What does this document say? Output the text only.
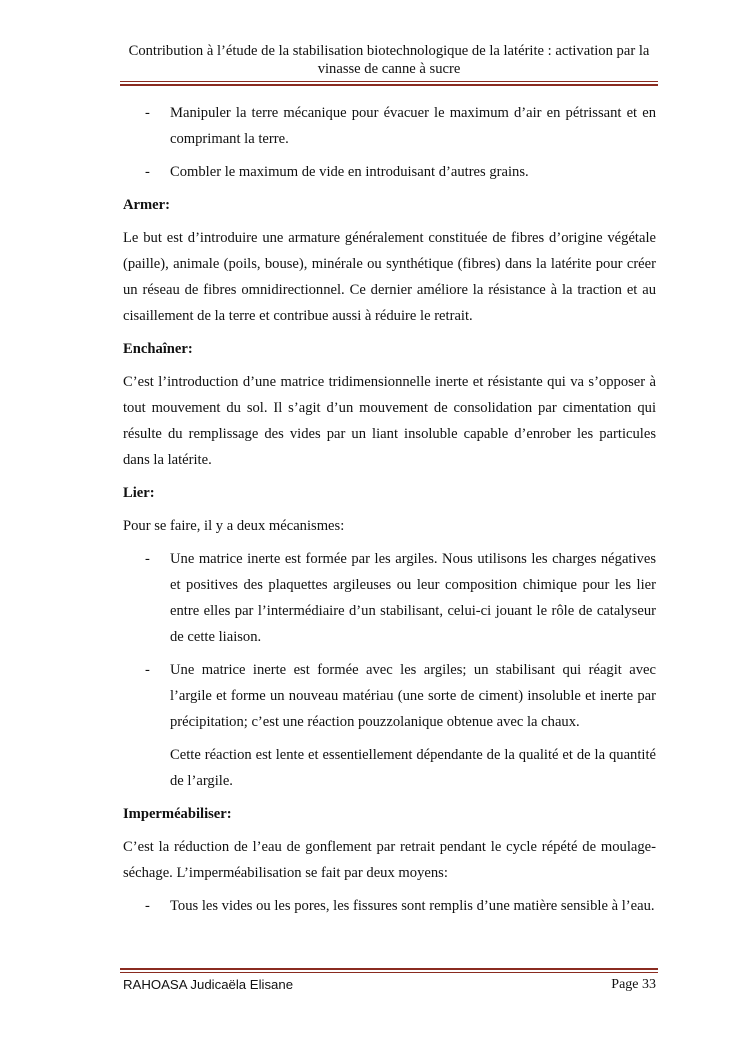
Contribution à l’étude de la stabilisation biotechnologique de la latérite : activation par la vinasse de canne à sucre
- Manipuler la terre mécanique pour évacuer le maximum d’air en pétrissant et en comprimant la terre.
- Combler le maximum de vide en introduisant d’autres grains.
Armer:
Le but est d’introduire une armature généralement constituée de fibres d’origine végétale (paille), animale (poils, bouse), minérale ou synthétique (fibres) dans la latérite pour créer un réseau de fibres omnidirectionnel. Ce dernier améliore la résistance à la traction et au cisaillement de la terre et contribue aussi à réduire le retrait.
Enchaîner:
C’est l’introduction d’une matrice tridimensionnelle inerte et résistante qui va s’opposer à tout mouvement du sol. Il s’agit d’un mouvement de consolidation par cimentation qui résulte du remplissage des vides par un liant insoluble capable d’enrober les particules dans la latérite.
Lier:
Pour se faire, il y a deux mécanismes:
- Une matrice inerte est formée par les argiles. Nous utilisons les charges négatives et positives des plaquettes argileuses ou leur composition chimique pour les lier entre elles par l’intermédiaire d’un stabilisant, celui-ci jouant le rôle de catalyseur de cette liaison.
- Une matrice inerte est formée avec les argiles; un stabilisant qui réagit avec l’argile et forme un nouveau matériau (une sorte de ciment) insoluble et inerte par précipitation; c’est une réaction pouzzolanique obtenue avec la chaux.
Cette réaction est lente et essentiellement dépendante de la qualité et de la quantité de l’argile.
Imperméabiliser:
C’est la réduction de l’eau de gonflement par retrait pendant le cycle répété de moulage-séchage. L’imperméabilisation se fait par deux moyens:
- Tous les vides ou les pores, les fissures sont remplis d’une matière sensible à l’eau.
RAHOASA Judicaëla Elisane	Page 33
